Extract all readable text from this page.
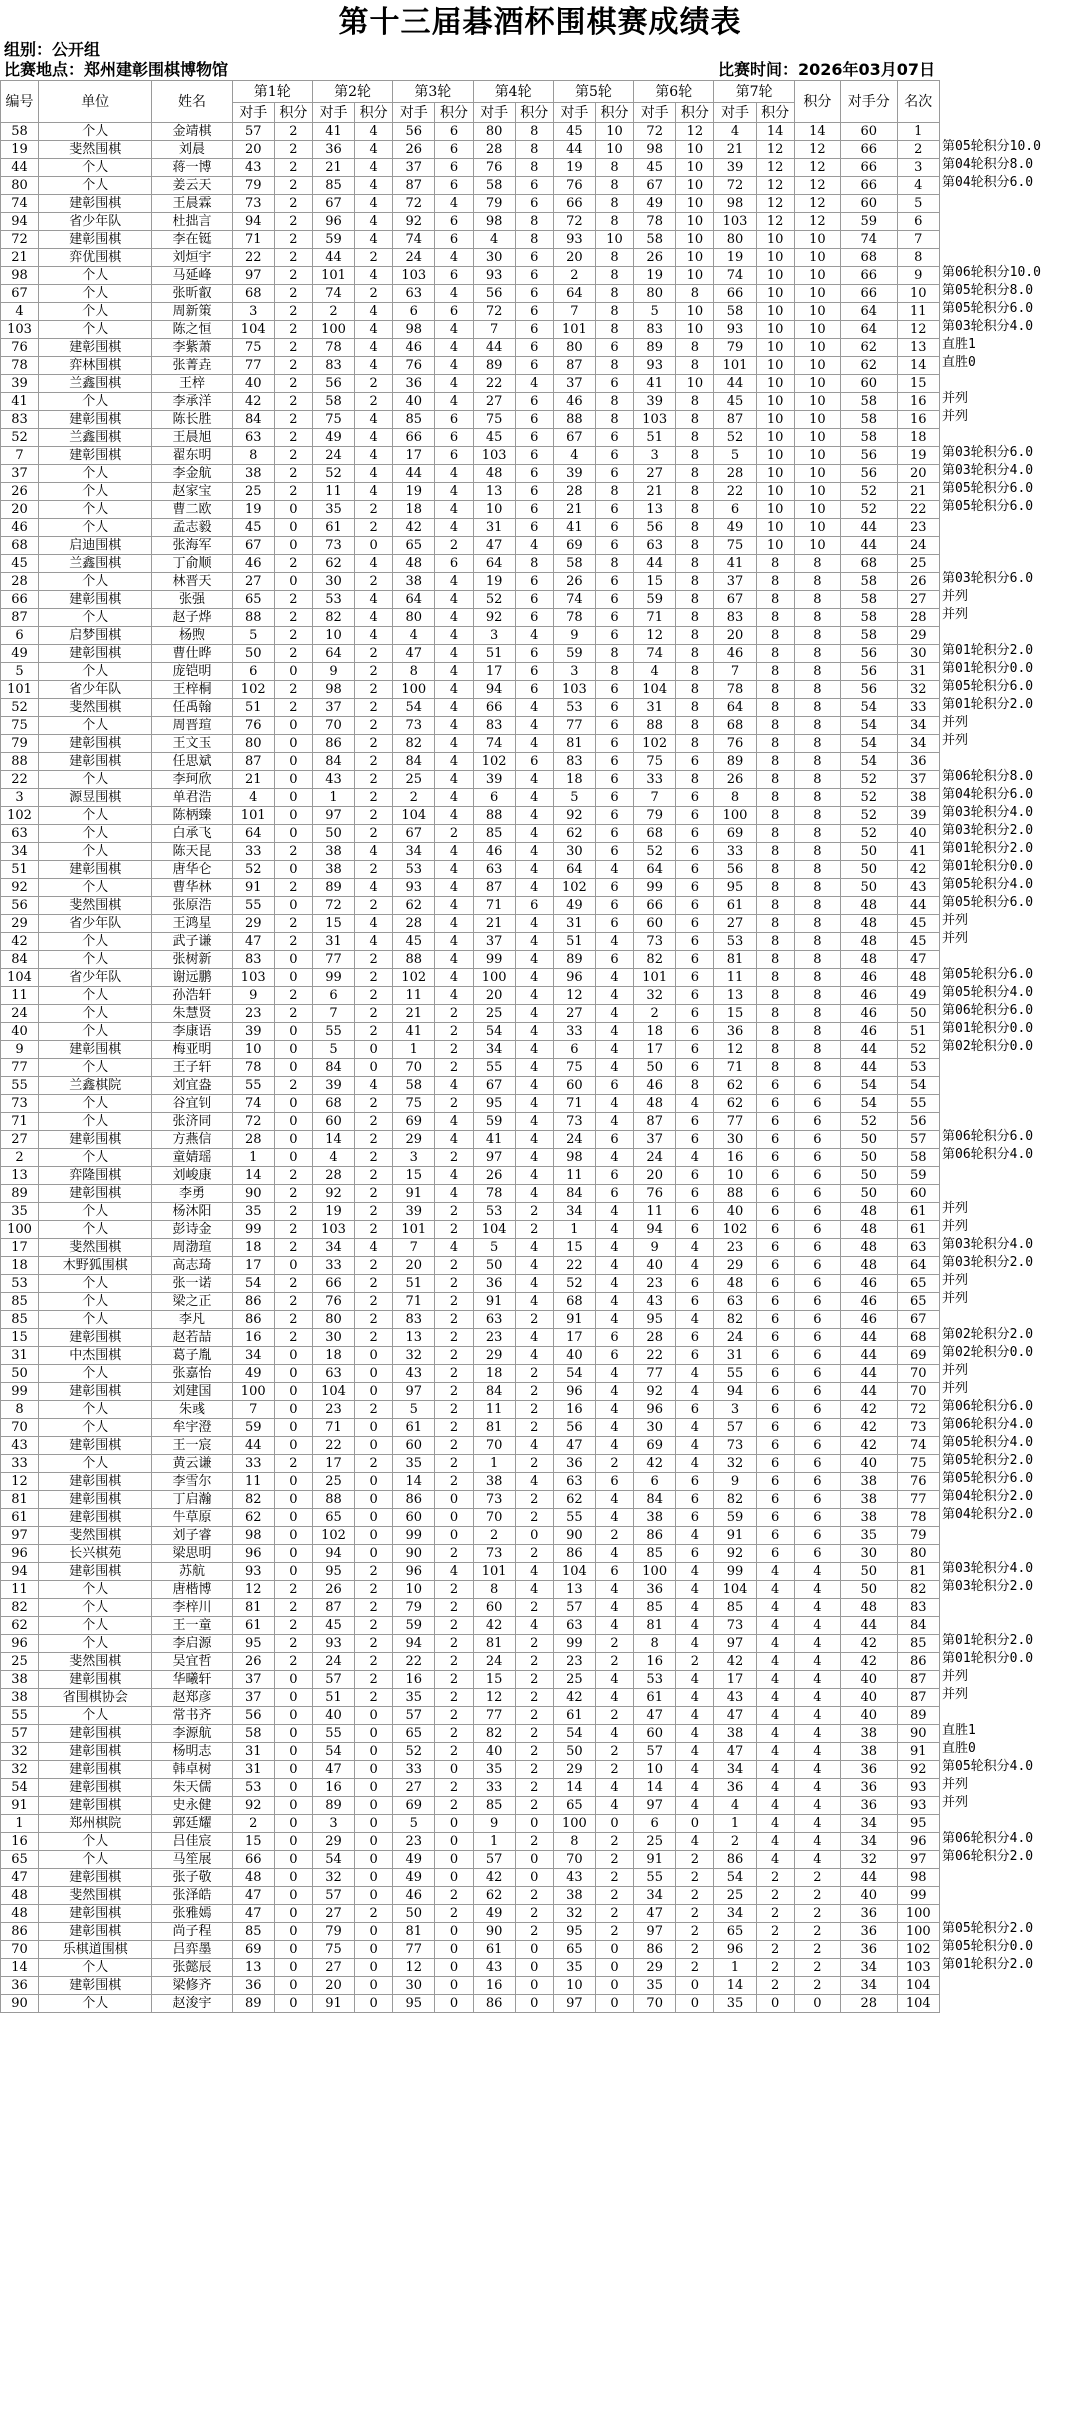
第十三届碁酒杯围棋赛成绩表
组别：公开组
比赛地点：郑州建彰围棋博物馆	比赛时间：2026年03月07日
编号	单位	姓名	第1轮		第2轮		第3轮		第4轮		第5轮		第6轮		第7轮		积分	对手分	名次
			对手	积分	对手	积分	对手	积分	对手	积分	对手	积分	对手	积分	对手	积分			
58	个人	金靖棋	57	2	41	4	56	6	80	8	45	10	72	12	4	14	14	60	1
19	斐然围棋	刘晨	20	2	36	4	26	6	28	8	44	10	98	10	21	12	12	66	2
44	个人	蒋一博	43	2	21	4	37	6	76	8	19	8	45	10	39	12	12	66	3
80	个人	姜云天	79	2	85	4	87	6	58	6	76	8	67	10	72	12	12	66	4
74	建彰围棋	王晨霖	73	2	67	4	72	4	79	6	66	8	49	10	98	12	12	60	5
94	省少年队	杜拙言	94	2	96	4	92	6	98	8	72	8	78	10	103	12	12	59	6
72	建彰围棋	李在铤	71	2	59	4	74	6	4	8	93	10	58	10	80	10	10	74	7
21	弈优围棋	刘烜宇	22	2	44	2	24	4	30	6	20	8	26	10	19	10	10	68	8
98	个人	马延峰	97	2	101	4	103	6	93	6	2	8	19	10	74	10	10	66	9
67	个人	张昕叡	68	2	74	2	63	4	56	6	64	8	80	8	66	10	10	66	10
4	个人	周新策	3	2	2	4	6	6	72	6	7	8	5	10	58	10	10	64	11
103	个人	陈之恒	104	2	100	4	98	4	7	6	101	8	83	10	93	10	10	64	12
76	建彰围棋	李紫萧	75	2	78	4	46	4	44	6	80	6	89	8	79	10	10	62	13
78	弈林围棋	张菁垚	77	2	83	4	76	4	89	6	87	8	93	8	101	10	10	62	14
39	兰鑫围棋	王梓	40	2	56	2	36	4	22	4	37	6	41	10	44	10	10	60	15
41	个人	李承洋	42	2	58	2	40	4	27	6	46	8	39	8	45	10	10	58	16
83	建彰围棋	陈长胜	84	2	75	4	85	6	75	6	88	8	103	8	87	10	10	58	16
52	兰鑫围棋	王晨旭	63	2	49	4	66	6	45	6	67	6	51	8	52	10	10	58	18
7	建彰围棋	翟东明	8	2	24	4	17	6	103	6	4	6	3	8	5	10	10	56	19
37	个人	李金航	38	2	52	4	44	4	48	6	39	6	27	8	28	10	10	56	20
26	个人	赵家宝	25	2	11	4	19	4	13	6	28	8	21	8	22	10	10	52	21
20	个人	曹二欧	19	0	35	2	18	4	10	6	21	6	13	8	6	10	10	52	22
46	个人	孟志毅	45	0	61	2	42	4	31	6	41	6	56	8	49	10	10	44	23
68	启迪围棋	张海军	67	0	73	0	65	2	47	4	69	6	63	8	75	10	10	44	24
45	兰鑫围棋	丁俞顺	46	2	62	4	48	6	64	8	58	8	44	8	41	8	8	68	25
28	个人	林晋天	27	0	30	2	38	4	19	6	26	6	15	8	37	8	8	58	26
66	建彰围棋	张强	65	2	53	4	64	4	52	6	74	6	59	8	67	8	8	58	27
87	个人	赵子烨	88	2	82	4	80	4	92	6	78	6	71	8	83	8	8	58	28
6	启梦围棋	杨煦	5	2	10	4	4	4	3	4	9	6	12	8	20	8	8	58	29
49	建彰围棋	曹仕晔	50	2	64	2	47	4	51	6	59	8	74	8	46	8	8	56	30
5	个人	庞铠明	6	0	9	2	8	4	17	6	3	8	4	8	7	8	8	56	31
101	省少年队	王梓桐	102	2	98	2	100	4	94	6	103	6	104	8	78	8	8	56	32
52	斐然围棋	任禹翰	51	2	37	2	54	4	66	4	53	6	31	8	64	8	8	54	33
75	个人	周晋瑄	76	0	70	2	73	4	83	4	77	6	88	8	68	8	8	54	34
79	建彰围棋	王文玉	80	0	86	2	82	4	74	4	81	6	102	8	76	8	8	54	34
88	建彰围棋	任思斌	87	0	84	2	84	4	102	6	83	6	75	6	89	8	8	54	36
22	个人	李珂欣	21	0	43	2	25	4	39	4	18	6	33	8	26	8	8	52	37
3	源昱围棋	单君浩	4	0	1	2	2	4	6	4	5	6	7	6	8	8	8	52	38
102	个人	陈柄臻	101	0	97	2	104	4	88	4	92	6	79	6	100	8	8	52	39
63	个人	白承飞	64	0	50	2	67	2	85	4	62	6	68	6	69	8	8	52	40
34	个人	陈天昆	33	2	38	4	34	4	46	4	30	6	52	6	33	8	8	50	41
51	建彰围棋	唐华仑	52	0	38	2	53	4	63	4	64	4	64	6	56	8	8	50	42
92	个人	曹华林	91	2	89	4	93	4	87	4	102	6	99	6	95	8	8	50	43
56	斐然围棋	张原浩	55	0	72	2	62	4	71	6	49	6	66	6	61	8	8	48	44
29	省少年队	王鸿星	29	2	15	4	28	4	21	4	31	6	60	6	27	8	8	48	45
42	个人	武子谦	47	2	31	4	45	4	37	4	51	4	73	6	53	8	8	48	45
84	个人	张树新	83	0	77	2	88	4	99	4	89	6	82	6	81	8	8	48	47
104	省少年队	谢远鹏	103	0	99	2	102	4	100	4	96	4	101	6	11	8	8	46	48
11	个人	孙浩轩	9	2	6	2	11	4	20	4	12	4	32	6	13	8	8	46	49
24	个人	朱慧贤	23	2	7	2	21	2	25	4	27	4	2	6	15	8	8	46	50
40	个人	李康语	39	0	55	2	41	2	54	4	33	4	18	6	36	8	8	46	51
9	建彰围棋	梅亚明	10	0	5	0	1	2	34	4	6	4	17	6	12	8	8	44	52
77	个人	王子轩	78	0	84	0	70	2	55	4	75	4	50	6	71	8	8	44	53
55	兰鑫棋院	刘宜盎	55	2	39	4	58	4	67	4	60	6	46	8	62	6	6	54	54
73	个人	谷宜钊	74	0	68	2	75	2	95	4	71	4	48	4	62	6	6	54	55
71	个人	张济同	72	0	60	2	69	4	59	4	73	4	87	6	77	6	6	52	56
27	建彰围棋	方燕信	28	0	14	2	29	4	41	4	24	6	37	6	30	6	6	50	57
2	个人	童婧瑶	1	0	4	2	3	2	97	4	98	4	24	4	16	6	6	50	58
13	弈隆围棋	刘峻康	14	2	28	2	15	4	26	4	11	6	20	6	10	6	6	50	59
89	建彰围棋	李勇	90	2	92	2	91	4	78	4	84	6	76	6	88	6	6	50	60
35	个人	杨沐阳	35	2	19	2	39	2	53	2	34	4	11	6	40	6	6	48	61
100	个人	彭诗金	99	2	103	2	101	2	104	2	1	4	94	6	102	6	6	48	61
17	斐然围棋	周渤瑄	18	2	34	4	7	4	5	4	15	4	9	4	23	6	6	48	63
18	木野狐围棋	高志琦	17	0	33	2	20	2	50	4	22	4	40	4	29	6	6	48	64
53	个人	张一诺	54	2	66	2	51	2	36	4	52	4	23	6	48	6	6	46	65
85	个人	梁之正	86	2	76	2	71	2	91	4	68	4	43	6	63	6	6	46	65
85	个人	李凡	86	2	80	2	83	2	63	2	91	4	95	4	82	6	6	46	67
15	建彰围棋	赵若喆	16	2	30	2	13	2	23	4	17	6	28	6	24	6	6	44	68
31	中杰围棋	葛子胤	34	0	18	0	32	2	29	4	40	6	22	6	31	6	6	44	69
50	个人	张嘉怡	49	0	63	0	43	2	18	2	54	4	77	4	55	6	6	44	70
99	建彰围棋	刘建国	100	0	104	0	97	2	84	2	96	4	92	4	94	6	6	44	70
8	个人	朱彧	7	0	23	2	5	2	11	2	16	4	96	6	3	6	6	42	72
70	个人	牟宇澄	59	0	71	0	61	2	81	2	56	4	30	4	57	6	6	42	73
43	建彰围棋	王一宸	44	0	22	0	60	2	70	4	47	4	69	4	73	6	6	42	74
33	个人	黄云谦	33	2	17	2	35	2	1	2	36	2	42	4	32	6	6	40	75
12	建彰围棋	李雪尔	11	0	25	0	14	2	38	4	63	6	6	6	9	6	6	38	76
81	建彰围棋	丁启瀚	82	0	88	0	86	0	73	2	62	4	84	6	82	6	6	38	77
61	建彰围棋	牛草原	62	0	65	0	60	0	70	2	55	4	38	6	59	6	6	38	78
97	斐然围棋	刘子睿	98	0	102	0	99	0	2	0	90	2	86	4	91	6	6	35	79
96	长兴棋苑	梁思明	96	0	94	0	90	2	73	2	86	4	85	6	92	6	6	30	80
94	建彰围棋	苏航	93	0	95	2	96	4	101	4	104	6	100	4	99	4	4	50	81
11	个人	唐楷博	12	2	26	2	10	2	8	4	13	4	36	4	104	4	4	50	82
82	个人	李梓川	81	2	87	2	79	2	60	2	57	4	85	4	85	4	4	48	83
62	个人	王一童	61	2	45	2	59	2	42	4	63	4	81	4	73	4	4	44	84
96	个人	李启源	95	2	93	2	94	2	81	2	99	2	8	4	97	4	4	42	85
25	斐然围棋	吴宜哲	26	2	24	2	22	2	24	2	23	2	16	2	42	4	4	42	86
38	建彰围棋	华曦轩	37	0	57	2	16	2	15	2	25	4	53	4	17	4	4	40	87
38	省围棋协会	赵郑彦	37	0	51	2	35	2	12	2	42	4	61	4	43	4	4	40	87
55	个人	常书齐	56	0	40	0	57	2	77	2	61	2	47	4	47	4	4	40	89
57	建彰围棋	李源航	58	0	55	0	65	2	82	2	54	4	60	4	38	4	4	38	90
32	建彰围棋	杨明志	31	0	54	0	52	2	40	2	50	2	57	4	47	4	4	38	91
32	建彰围棋	韩卓树	31	0	47	0	33	0	35	2	29	2	10	4	34	4	4	36	92
54	建彰围棋	朱天儒	53	0	16	0	27	2	33	2	14	4	14	4	36	4	4	36	93
91	建彰围棋	史永健	92	0	89	0	69	2	85	2	65	4	97	4	4	4	4	36	93
1	郑州棋院	郭廷耀	2	0	3	0	5	0	9	0	100	0	6	0	1	4	4	34	95
16	个人	吕佳宸	15	0	29	0	23	0	1	2	8	2	25	4	2	4	4	34	96
65	个人	马笙展	66	0	54	0	49	0	57	0	70	2	91	2	86	4	4	32	97
47	建彰围棋	张子敬	48	0	32	0	49	0	42	0	43	2	55	2	54	2	2	44	98
48	斐然围棋	张泽皓	47	0	57	0	46	2	62	2	38	2	34	2	25	2	2	40	99
48	建彰围棋	张雅嫣	47	0	27	2	50	2	49	2	32	2	47	2	34	2	2	36	100
86	建彰围棋	尚子程	85	0	79	0	81	0	90	2	95	2	97	2	65	2	2	36	100
70	乐棋道围棋	吕弈墨	69	0	75	0	77	0	61	0	65	0	86	2	96	2	2	36	102
14	个人	张懿辰	13	0	27	0	12	0	43	0	35	0	29	2	1	2	2	34	103
36	建彰围棋	梁修齐	36	0	20	0	30	0	16	0	10	0	35	0	14	2	2	34	104
90	个人	赵浚宇	89	0	91	0	95	0	86	0	97	0	70	0	35	0	0	28	104
第05轮积分10.0
第04轮积分8.0
第04轮积分6.0
第06轮积分10.0
第05轮积分8.0
第05轮积分6.0
第03轮积分4.0
直胜1
直胜0
并列
并列
第03轮积分6.0
第03轮积分4.0
第05轮积分6.0
第05轮积分6.0
第03轮积分6.0
并列
并列
第01轮积分2.0
第01轮积分0.0
第05轮积分6.0
第01轮积分2.0
并列
并列
第06轮积分8.0
第04轮积分6.0
第03轮积分4.0
第03轮积分2.0
第01轮积分2.0
第01轮积分0.0
第05轮积分4.0
第05轮积分6.0
并列
并列
第05轮积分6.0
第05轮积分4.0
第06轮积分6.0
第01轮积分0.0
第02轮积分0.0
第06轮积分6.0
第06轮积分4.0
并列
并列
第03轮积分4.0
第03轮积分2.0
并列
并列
第02轮积分2.0
第02轮积分0.0
并列
并列
第06轮积分6.0
第06轮积分4.0
第05轮积分4.0
第05轮积分2.0
第05轮积分6.0
第04轮积分2.0
第04轮积分2.0
第03轮积分4.0
第03轮积分2.0
第01轮积分2.0
第01轮积分0.0
并列
并列
直胜1
直胜0
第05轮积分4.0
并列
并列
第06轮积分4.0
第06轮积分2.0
第05轮积分2.0
第05轮积分0.0
第01轮积分2.0
